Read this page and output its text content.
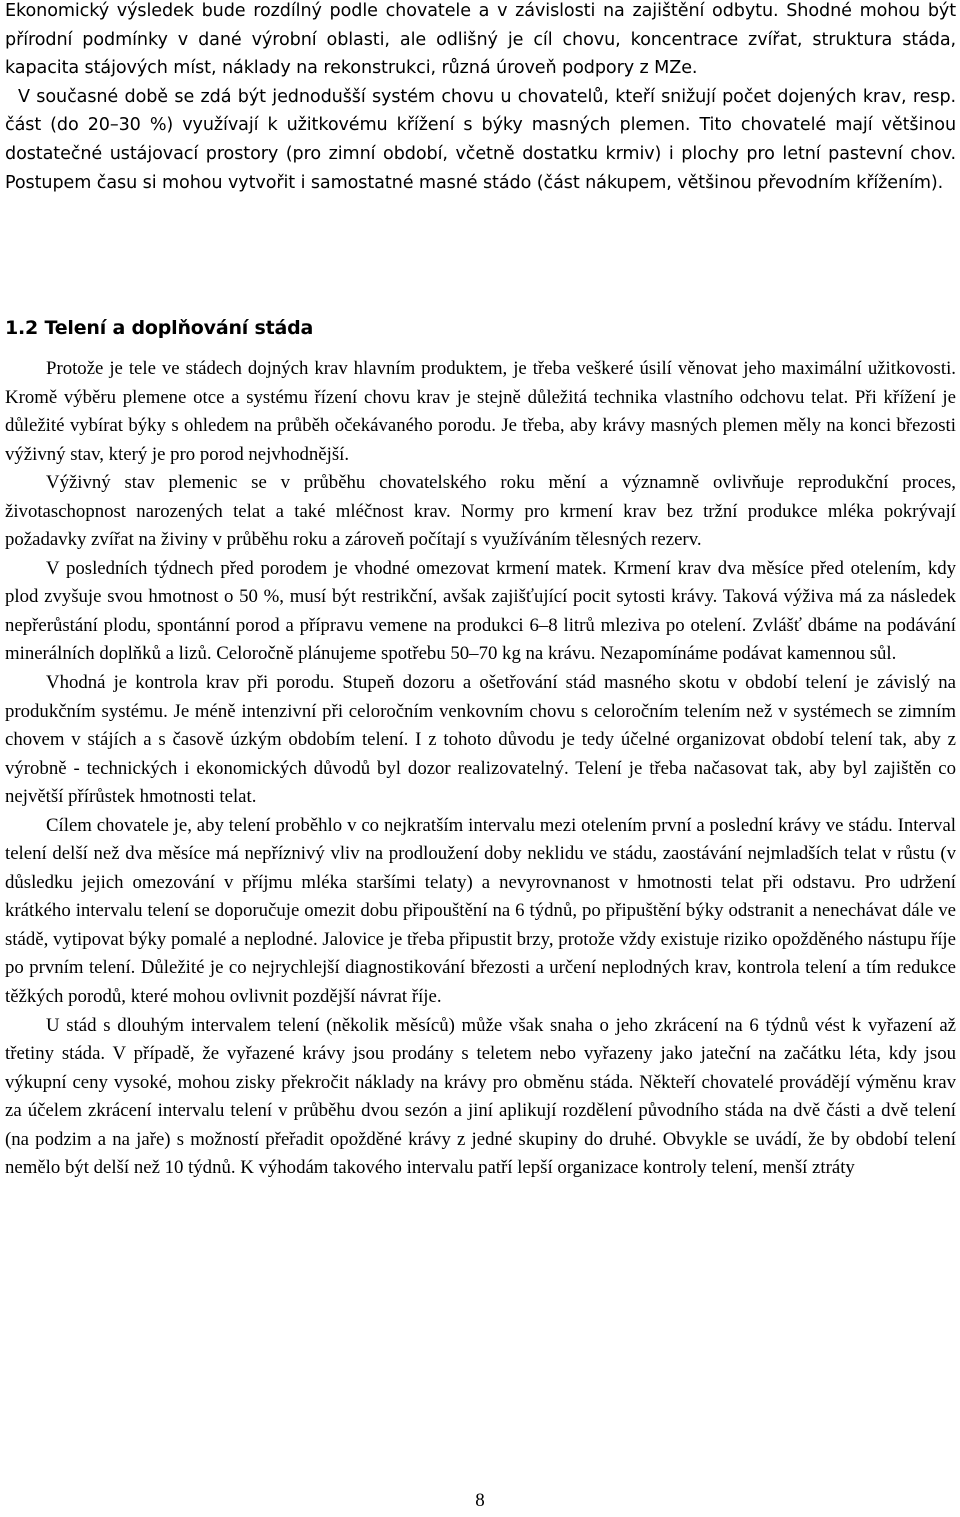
Ekonomický výsledek bude rozdílný podle chovatele a v závislosti na zajištění odbytu. Shodné mohou být přírodní podmínky v dané výrobní oblasti, ale odlišný je cíl chovu, koncentrace zvířat, struktura stáda, kapacita stájových míst, náklady na rekonstrukci, různá úroveň podpory z MZe.

V současné době se zdá být jednodušší systém chovu u chovatelů, kteří snižují počet dojených krav, resp. část (do 20–30 %) využívají k užitkovému křížení s býky masných plemen. Tito chovatelé mají většinou dostatečné ustájovací prostory (pro zimní období, včetně dostatku krmiv) i plochy pro letní pastevní chov. Postupem času si mohou vytvořit i samostatné masné stádo (část nákupem, většinou převodním křížením).

1.2 Telení a doplňování stáda

Protože je tele ve stádech dojných krav hlavním produktem, je třeba veškeré úsilí věnovat jeho maximální užitkovosti. Kromě výběru plemene otce a systému řízení chovu krav je stejně důležitá technika vlastního odchovu telat. Při křížení je důležité vybírat býky s ohledem na průběh očekávaného porodu. Je třeba, aby krávy masných plemen měly na konci březosti výživný stav, který je pro porod nejvhodnější.

Výživný stav plemenic se v průběhu chovatelského roku mění a významně ovlivňuje reprodukční proces, životaschopnost narozených telat a také mléčnost krav. Normy pro krmení krav bez tržní produkce mléka pokrývají požadavky zvířat na živiny v průběhu roku a zároveň počítají s využíváním tělesných rezerv.

V posledních týdnech před porodem je vhodné omezovat krmení matek. Krmení krav dva měsíce před otelením, kdy plod zvyšuje svou hmotnost o 50 %, musí být restrikční, avšak zajišťující pocit sytosti krávy. Taková výživa má za následek nepřerůstání plodu, spontánní porod a přípravu vemene na produkci 6–8 litrů mleziva po otelení. Zvlášť dbáme na podávání minerálních doplňků a lizů. Celoročně plánujeme spotřebu 50–70 kg na krávu. Nezapomínáme podávat kamennou sůl.

Vhodná je kontrola krav při porodu. Stupeň dozoru a ošetřování stád masného skotu v období telení je závislý na produkčním systému. Je méně intenzivní při celoročním venkovním chovu s celoročním telením než v systémech se zimním chovem v stájích a s časově úzkým obdobím telení. I z tohoto důvodu je tedy účelné organizovat období telení tak, aby z výrobně - technických i ekonomických důvodů byl dozor realizovatelný. Telení je třeba načasovat tak, aby byl zajištěn co největší přírůstek hmotnosti telat.

Cílem chovatele je, aby telení proběhlo v co nejkratším intervalu mezi otelením první a poslední krávy ve stádu. Interval telení delší než dva měsíce má nepříznivý vliv na prodloužení doby neklidu ve stádu, zaostávání nejmladších telat v růstu (v důsledku jejich omezování v příjmu mléka staršími telaty) a nevyrovnanost v hmotnosti telat při odstavu. Pro udržení krátkého intervalu telení se doporučuje omezit dobu připouštění na 6 týdnů, po připuštění býky odstranit a nenechávat dále ve stádě, vytipovat býky pomalé a neplodné. Jalovice je třeba připustit brzy, protože vždy existuje riziko opožděného nástupu říje po prvním telení. Důležité je co nejrychlejší diagnostikování březosti a určení neplodných krav, kontrola telení a tím redukce těžkých porodů, které mohou ovlivnit pozdější návrat říje.

U stád s dlouhým intervalem telení (několik měsíců) může však snaha o jeho zkrácení na 6 týdnů vést k vyřazení až třetiny stáda. V případě, že vyřazené krávy jsou prodány s teletem nebo vyřazeny jako jateční na začátku léta, kdy jsou výkupní ceny vysoké, mohou zisky překročit náklady na krávy pro obměnu stáda. Někteří chovatelé provádějí výměnu krav za účelem zkrácení intervalu telení v průběhu dvou sezón a jiní aplikují rozdělení původního stáda na dvě části a dvě telení (na podzim a na jaře) s možností přeřadit opožděné krávy z jedné skupiny do druhé. Obvykle se uvádí, že by období telení nemělo být delší než 10 týdnů. K výhodám takového intervalu patří lepší organizace kontroly telení, menší ztráty

8
